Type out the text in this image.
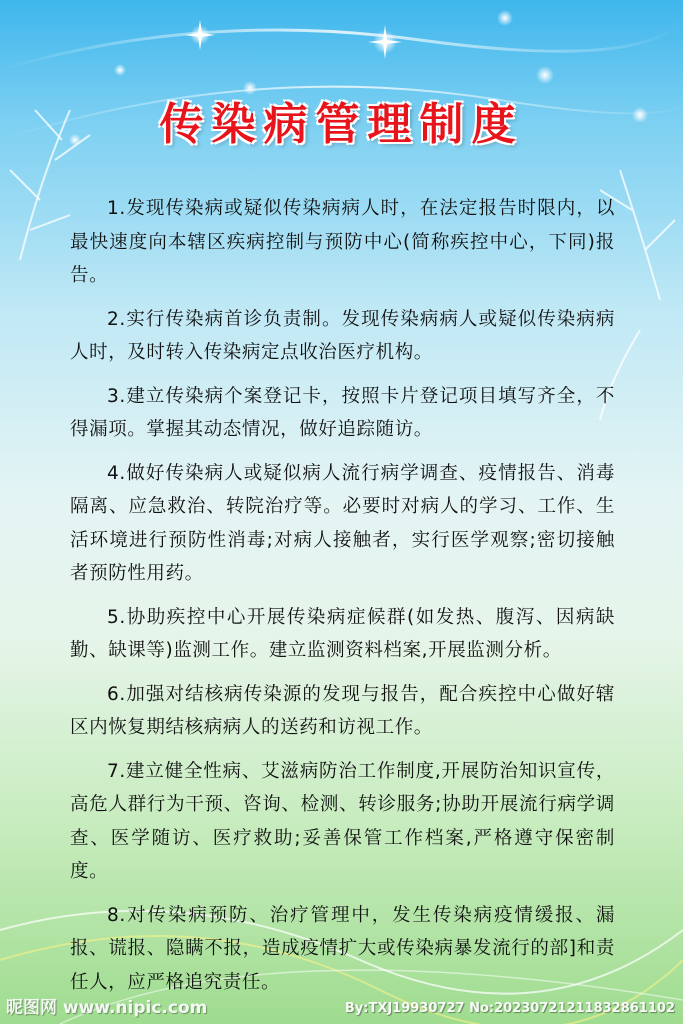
传染病管理制度

1.发现传染病或疑似传染病病人时，在法定报告时限内，以最快速度向本辖区疾病控制与预防中心(简称疾控中心，下同)报告。

2.实行传染病首诊负责制。发现传染病病人或疑似传染病病人时，及时转入传染病定点收治医疗机构。

3.建立传染病个案登记卡，按照卡片登记项目填写齐全，不得漏项。掌握其动态情况，做好追踪随访。

4.做好传染病人或疑似病人流行病学调查、疫情报告、消毒隔离、应急救治、转院治疗等。必要时对病人的学习、工作、生活环境进行预防性消毒;对病人接触者，实行医学观察;密切接触者预防性用药。

5.协助疾控中心开展传染病症候群(如发热、腹泻、因病缺勤、缺课等)监测工作。建立监测资料档案,开展监测分析。

6.加强对结核病传染源的发现与报告，配合疾控中心做好辖区内恢复期结核病病人的送药和访视工作。

7.建立健全性病、艾滋病防治工作制度,开展防治知识宣传，高危人群行为干预、咨询、检测、转诊服务;协助开展流行病学调查、医学随访、医疗救助;妥善保管工作档案,严格遵守保密制度。

8.对传染病预防、治疗管理中，发生传染病疫情缓报、漏报、谎报、隐瞒不报，造成疫情扩大或传染病暴发流行的部]和责任人，应严格追究责任。

昵图网 www.nipic.com	By:TXJ19930727 No:20230721211832861102
